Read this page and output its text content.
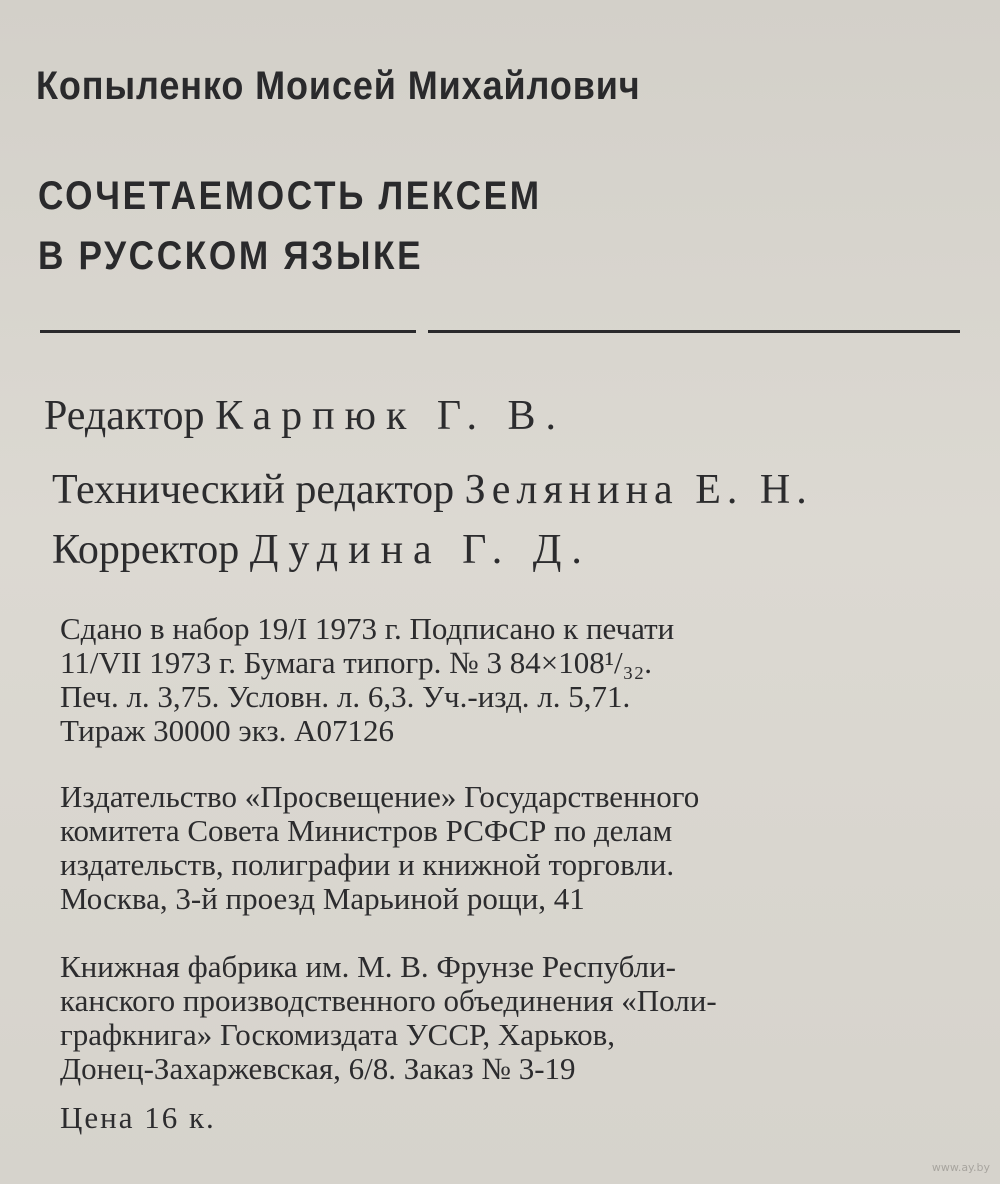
Копыленко Моисей Михайлович
СОЧЕТАЕМОСТЬ ЛЕКСЕМ
В РУССКОМ ЯЗЫКЕ
Редактор Карпюк Г. В.
Технический редактор Зелянина Е. Н.
Корректор Дудина Г. Д.
Сдано в набор 19/I 1973 г. Подписано к печати
11/VII 1973 г. Бумага типогр. № 3 84×108¹/₃₂.
Печ. л. 3,75. Условн. л. 6,3. Уч.-изд. л. 5,71.
Тираж 30000 экз. А07126
Издательство «Просвещение» Государственного
комитета Совета Министров РСФСР по делам
издательств, полиграфии и книжной торговли.
Москва, 3-й проезд Марьиной рощи, 41
Книжная фабрика им. М. В. Фрунзе Республи-
канского производственного объединения «Поли-
графкнига» Госкомиздата УССР, Харьков,
Донец-Захаржевская, 6/8. Заказ № 3-19
Цена 16 к.
www.ay.by
